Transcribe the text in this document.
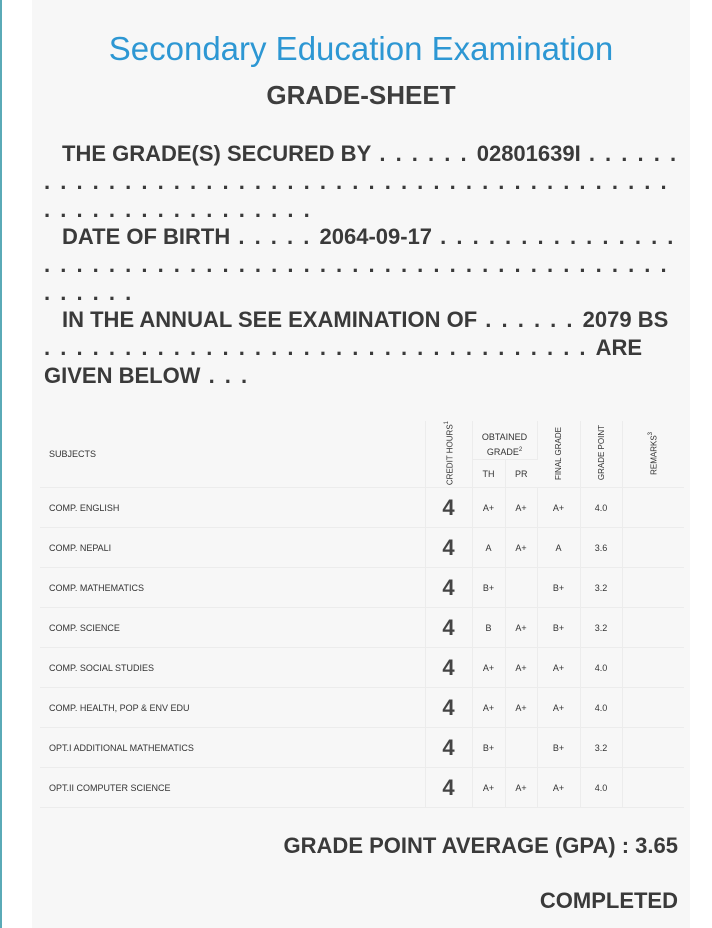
Secondary Education Examination
GRADE-SHEET
THE GRADE(S) SECURED BY . . . . . . 02801639I . . . . . . . . . . . . . . . . . . . . . . . . . . . . . . . . . . . . . . . . . . . . . . . . . . . . . . . . . . . . . .
DATE OF BIRTH . . . . . 2064-09-17 . . . . . . . . . . . . . . . . . . . . . . . . . . . . . . . . . . . . . . . . . . . . . . . . . . . . . . . . . . . .
IN THE ANNUAL SEE EXAMINATION OF . . . . . . 2079 BS . . . . . . . . . . . . . . . . . . . . . . . . . . . . . . . . . . ARE GIVEN BELOW . . .
SUBJECTS	CREDIT HOURS$^1$	OBTAINED GRADE$^2$		FINAL GRADE	GRADE POINT	REMARKS$^3$
		TH	PR			
COMP. ENGLISH	4	A+	A+	A+	4.0	
COMP. NEPALI	4	A	A+	A	3.6	
COMP. MATHEMATICS	4	B+		B+	3.2	
COMP. SCIENCE	4	B	A+	B+	3.2	
COMP. SOCIAL STUDIES	4	A+	A+	A+	4.0	
COMP. HEALTH, POP & ENV EDU	4	A+	A+	A+	4.0	
OPT.I ADDITIONAL MATHEMATICS	4	B+		B+	3.2	
OPT.II COMPUTER SCIENCE	4	A+	A+	A+	4.0	
GRADE POINT AVERAGE (GPA) : 3.65
COMPLETED
